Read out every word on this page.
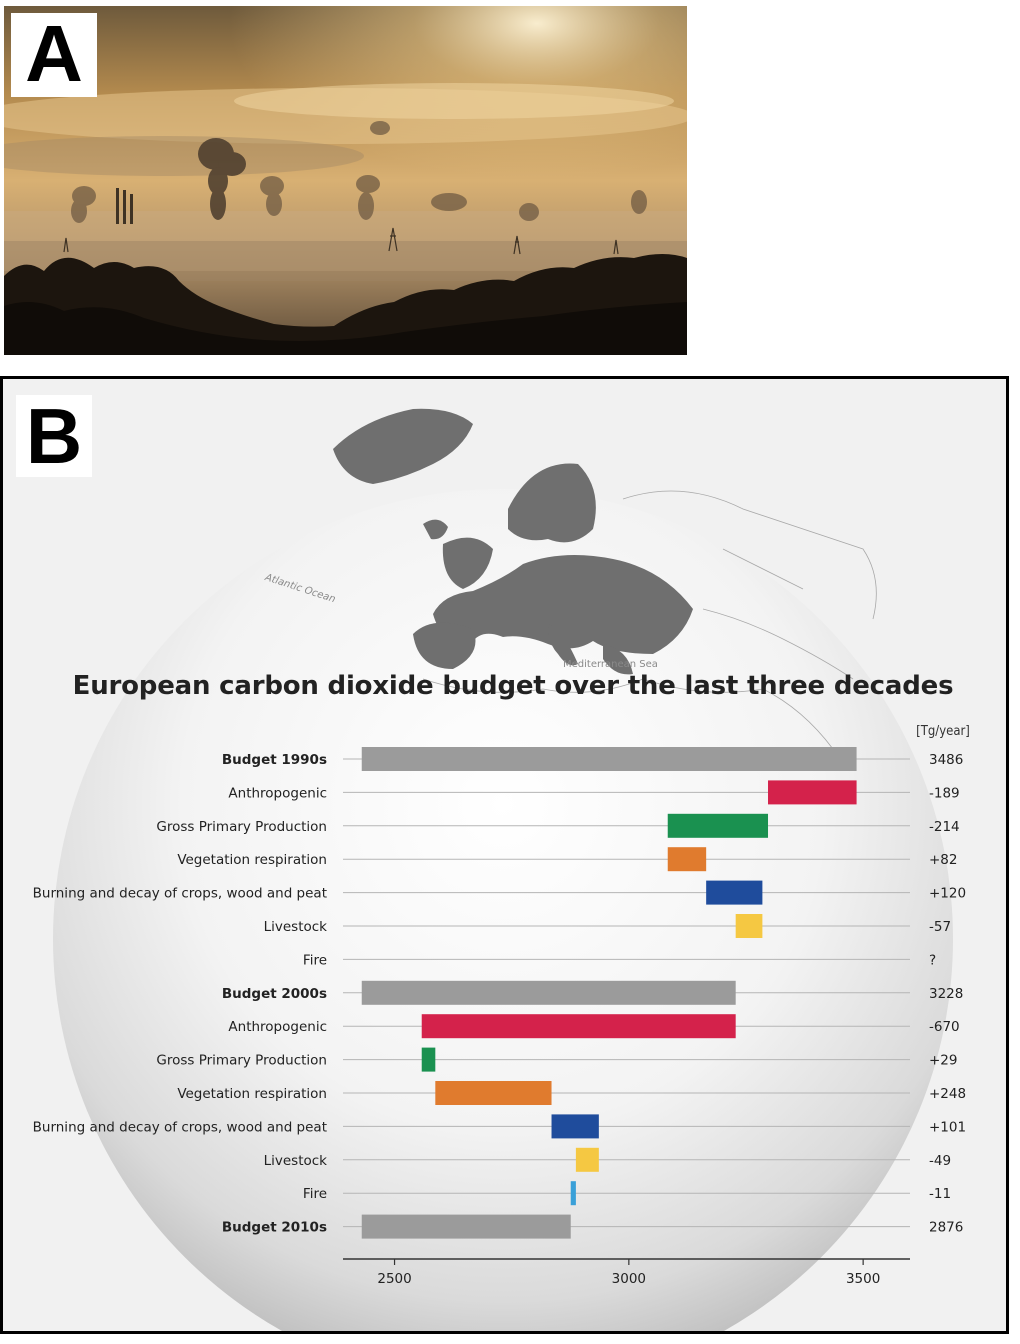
A
Atlantic Ocean
Mediterranean Sea
[Tg/year]
Budget 1990s	3486
Anthropogenic	-189
Gross Primary Production	-214
Vegetation respiration	+82
Burning and decay of crops, wood and peat	+120
Livestock	-57
Fire	?
Budget 2000s	3228
Anthropogenic	-670
Gross Primary Production	+29
Vegetation respiration	+248
Burning and decay of crops, wood and peat	+101
Livestock	-49
Fire	-11
Budget 2010s	2876
2500	3000	3500
European carbon dioxide budget over the last three decades
B
